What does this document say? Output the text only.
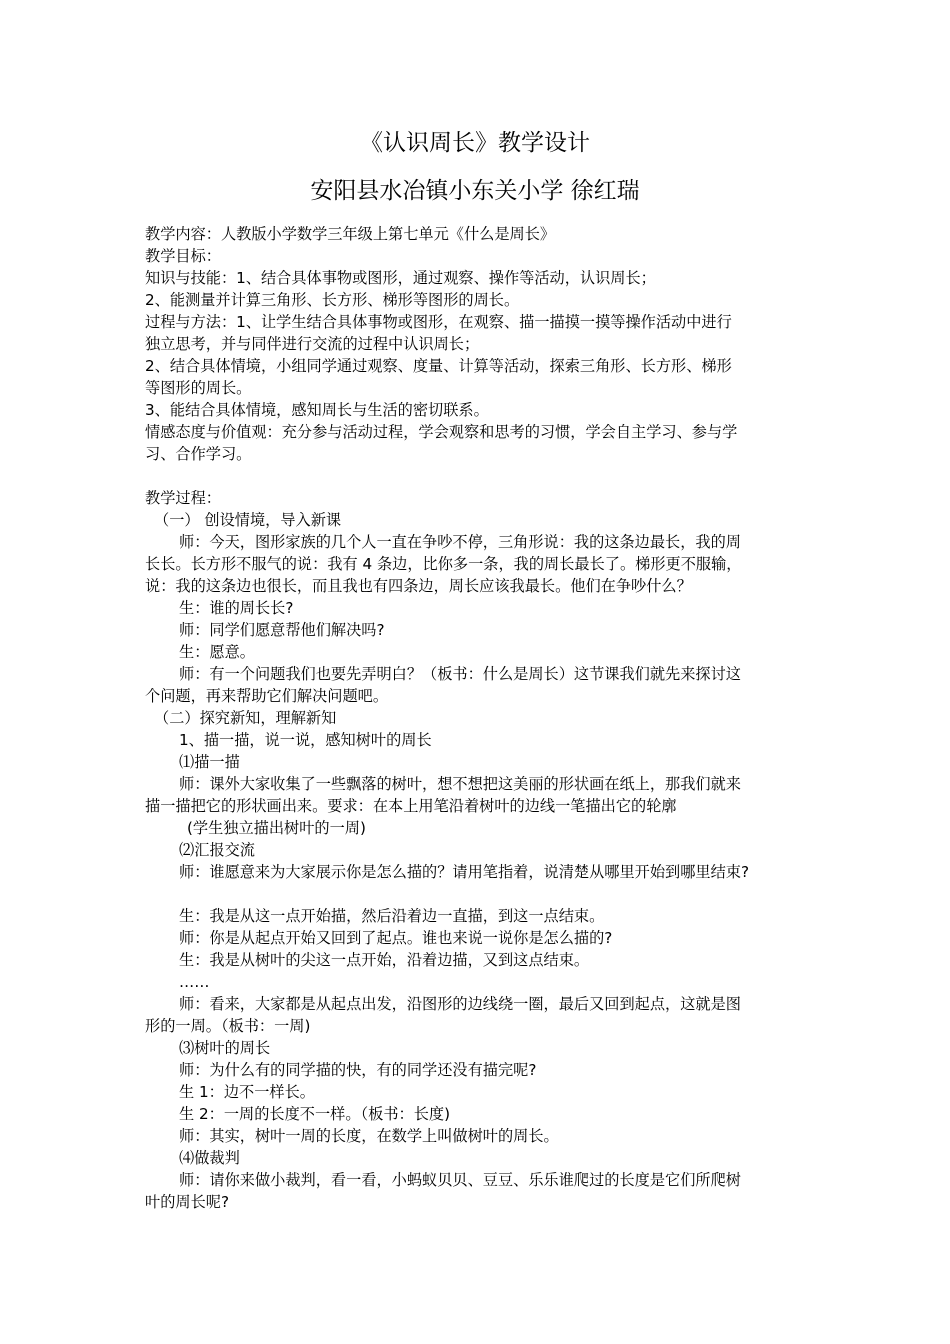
《认识周长》教学设计
安阳县水冶镇小东关小学 徐红瑞

教学内容：人教版小学数学三年级上第七单元《什么是周长》

教学目标：

知识与技能：1、结合具体事物或图形，通过观察、操作等活动，认识周长；

2、能测量并计算三角形、长方形、梯形等图形的周长。

过程与方法：1、让学生结合具体事物或图形，在观察、描一描摸一摸等操作活动中进行

独立思考，并与同伴进行交流的过程中认识周长；

2、结合具体情境，小组同学通过观察、度量、计算等活动，探索三角形、长方形、梯形

等图形的周长。

3、能结合具体情境，感知周长与生活的密切联系。

情感态度与价值观：充分参与活动过程，学会观察和思考的习惯，学会自主学习、参与学

习、合作学习。

教学过程：

（一） 创设情境，导入新课

师：今天，图形家族的几个人一直在争吵不停，三角形说：我的这条边最长，我的周

长长。长方形不服气的说：我有 4 条边，比你多一条，我的周长最长了。梯形更不服输，

说：我的这条边也很长，而且我也有四条边，周长应该我最长。他们在争吵什么？

生：谁的周长长?

师：同学们愿意帮他们解决吗?

生：愿意。

师：有一个问题我们也要先弄明白？（板书：什么是周长）这节课我们就先来探讨这

个问题，再来帮助它们解决问题吧。

（二）探究新知，理解新知

1、描一描，说一说，感知树叶的周长

⑴描一描

师：课外大家收集了一些飘落的树叶，想不想把这美丽的形状画在纸上，那我们就来

描一描把它的形状画出来。要求：在本上用笔沿着树叶的边线一笔描出它的轮廓

(学生独立描出树叶的一周)

⑵汇报交流

师：谁愿意来为大家展示你是怎么描的？请用笔指着，说清楚从哪里开始到哪里结束?

生：我是从这一点开始描，然后沿着边一直描，到这一点结束。

师：你是从起点开始又回到了起点。谁也来说一说你是怎么描的?

生：我是从树叶的尖这一点开始，沿着边描，又到这点结束。

……

师：看来，大家都是从起点出发，沿图形的边线绕一圈，最后又回到起点，这就是图

形的一周。（板书：一周)

⑶树叶的周长

师：为什么有的同学描的快，有的同学还没有描完呢?

生 1：边不一样长。

生 2：一周的长度不一样。（板书：长度)

师：其实，树叶一周的长度，在数学上叫做树叶的周长。

⑷做裁判

师：请你来做小裁判，看一看，小蚂蚁贝贝、豆豆、乐乐谁爬过的长度是它们所爬树

叶的周长呢?
